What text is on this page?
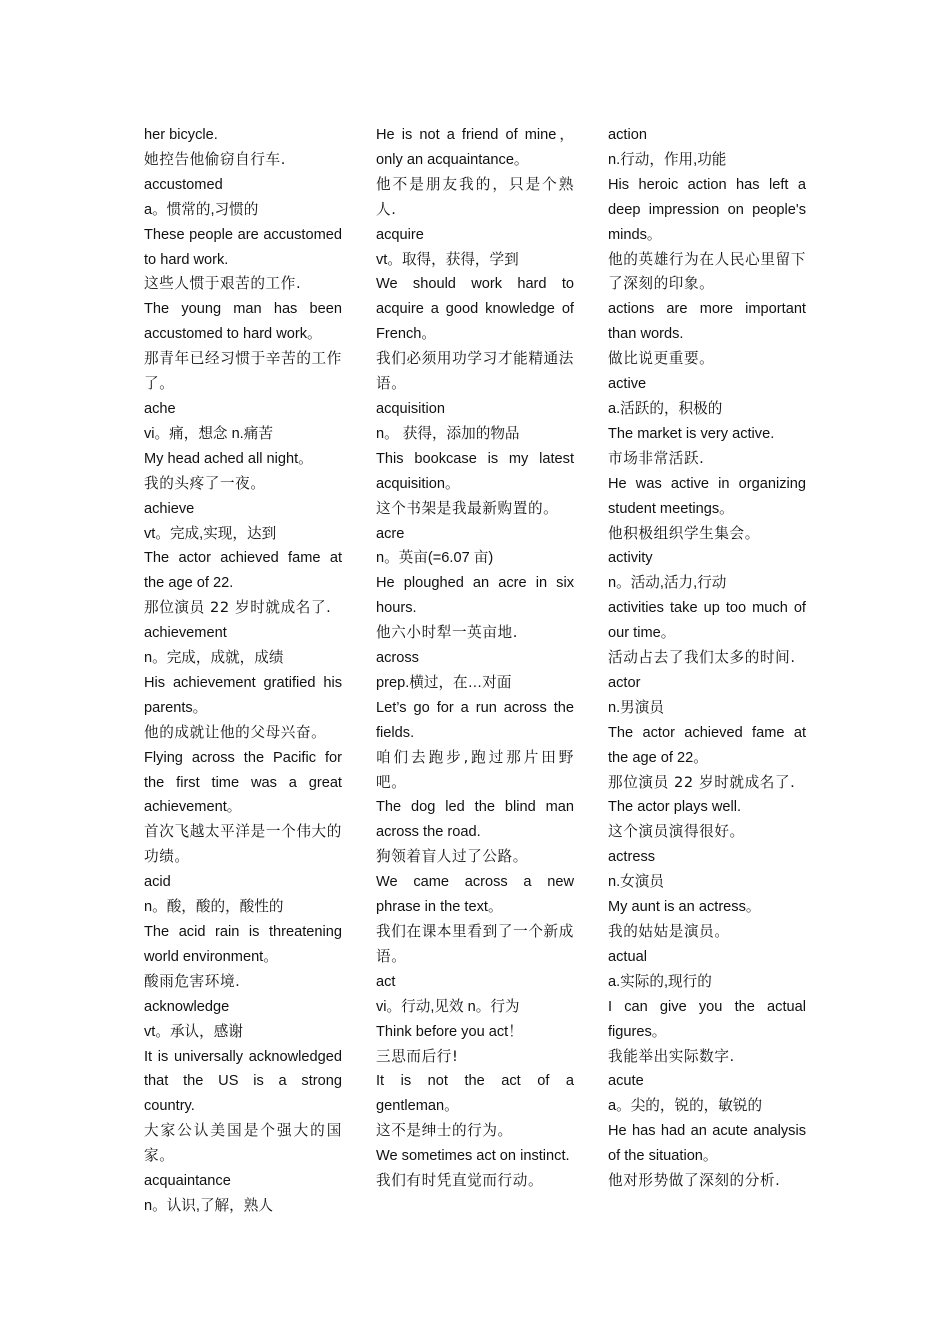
her bicycle.

她控告他偷窃自行车.

accustomed

a。惯常的,习惯的

These people are accustomed to hard work.

这些人惯于艰苦的工作.

The young man has been accustomed to hard work。

那青年已经习惯于辛苦的工作了。

ache

vi。痛，想念 n.痛苦

My head ached all night。

我的头疼了一夜。

achieve

vt。完成,实现，达到

The actor achieved fame at the age of 22.

那位演员 22 岁时就成名了.

achievement

n。完成，成就，成绩

His achievement gratified his parents。

他的成就让他的父母兴奋。

Flying across the Pacific for the first time was a great achievement。

首次飞越太平洋是一个伟大的功绩。

acid

n。酸，酸的，酸性的

The acid rain is threatening world environment。

酸雨危害环境.

acknowledge

vt。承认，感谢

It is universally acknowledged that the US is a strong country.

大家公认美国是个强大的国家。

acquaintance

n。认识,了解，熟人

He is not a friend of mine，only an acquaintance。

他不是朋友我的，只是个熟人.

acquire

vt。取得，获得，学到

We should work hard to acquire a good knowledge of French。

我们必须用功学习才能精通法语。

acquisition

n。 获得，添加的物品

This bookcase is my latest acquisition。

这个书架是我最新购置的。

acre

n。英亩(=6.07 亩)

He ploughed an acre in six hours.

他六小时犁一英亩地.

across

prep.横过，在…对面

Let’s go for a run across the fields.

咱们去跑步,跑过那片田野吧。

The dog led the blind man across the road.

狗领着盲人过了公路。

We came across a new phrase in the text。

我们在课本里看到了一个新成语。

act

vi。行动,见效 n。行为

Think before you act！

三思而后行!

It is not the act of a gentleman。

这不是绅士的行为。

We sometimes act on instinct.

我们有时凭直觉而行动。

action

n.行动，作用,功能

His heroic action has left a deep impression on people's minds。

他的英雄行为在人民心里留下了深刻的印象。

actions are more important than words.

做比说更重要。

active

a.活跃的，积极的

The market is very active.

市场非常活跃.

He was active in organizing student meetings。

他积极组织学生集会。

activity

n。活动,活力,行动

activities take up too much of our time。

活动占去了我们太多的时间.

actor

n.男演员

The actor achieved fame at the age of 22。

那位演员 22 岁时就成名了.

The actor plays well.

这个演员演得很好。

actress

n.女演员

My aunt is an actress。

我的姑姑是演员。

actual

a.实际的,现行的

I can give you the actual figures。

我能举出实际数字.

acute

a。尖的，锐的，敏锐的

He has had an acute analysis of the situation。

他对形势做了深刻的分析.
